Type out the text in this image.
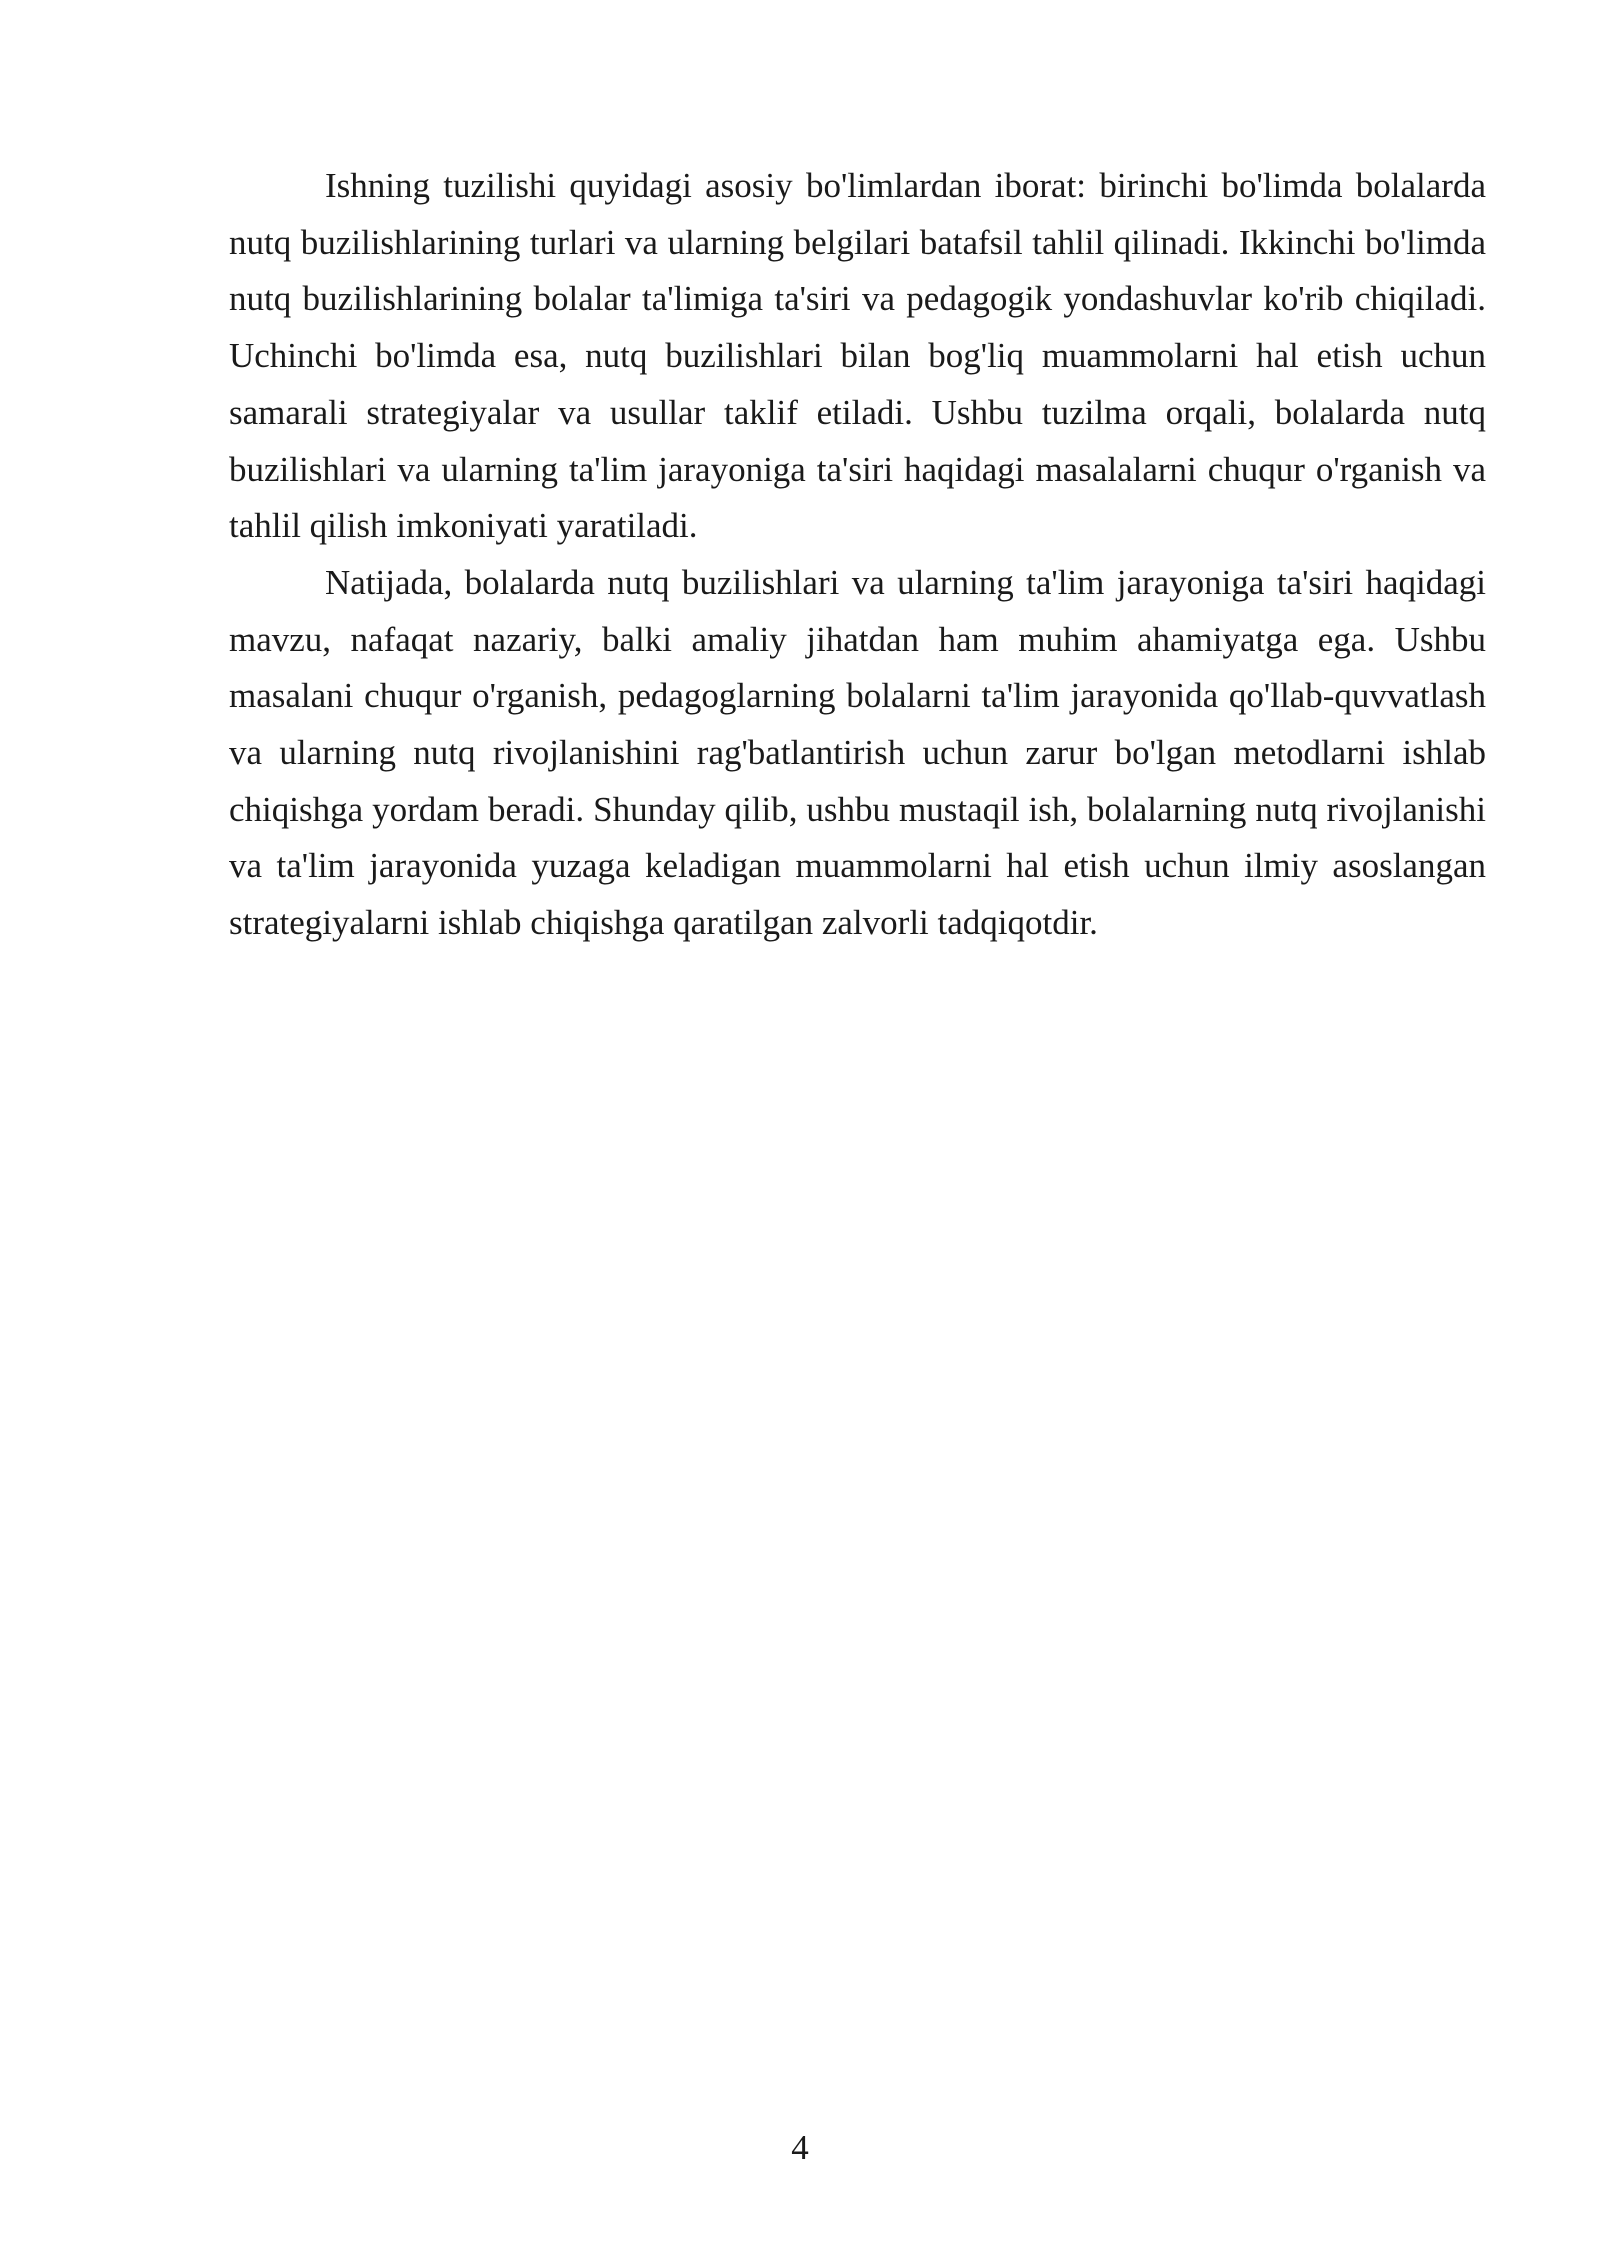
Ishning tuzilishi quyidagi asosiy bo'limlardan iborat: birinchi bo'limda bolalarda nutq buzilishlarining turlari va ularning belgilari batafsil tahlil qilinadi. Ikkinchi bo'limda nutq buzilishlarining bolalar ta'limiga ta'siri va pedagogik yondashuvlar ko'rib chiqiladi. Uchinchi bo'limda esa, nutq buzilishlari bilan bog'liq muammolarni hal etish uchun samarali strategiyalar va usullar taklif etiladi. Ushbu tuzilma orqali, bolalarda nutq buzilishlari va ularning ta'lim jarayoniga ta'siri haqidagi masalalarni chuqur o'rganish va tahlil qilish imkoniyati yaratiladi.

Natijada, bolalarda nutq buzilishlari va ularning ta'lim jarayoniga ta'siri haqidagi mavzu, nafaqat nazariy, balki amaliy jihatdan ham muhim ahamiyatga ega. Ushbu masalani chuqur o'rganish, pedagoglarning bolalarni ta'lim jarayonida qo'llab-quvvatlash va ularning nutq rivojlanishini rag'batlantirish uchun zarur bo'lgan metodlarni ishlab chiqishga yordam beradi. Shunday qilib, ushbu mustaqil ish, bolalarning nutq rivojlanishi va ta'lim jarayonida yuzaga keladigan muammolarni hal etish uchun ilmiy asoslangan strategiyalarni ishlab chiqishga qaratilgan zalvorli tadqiqotdir.

4
